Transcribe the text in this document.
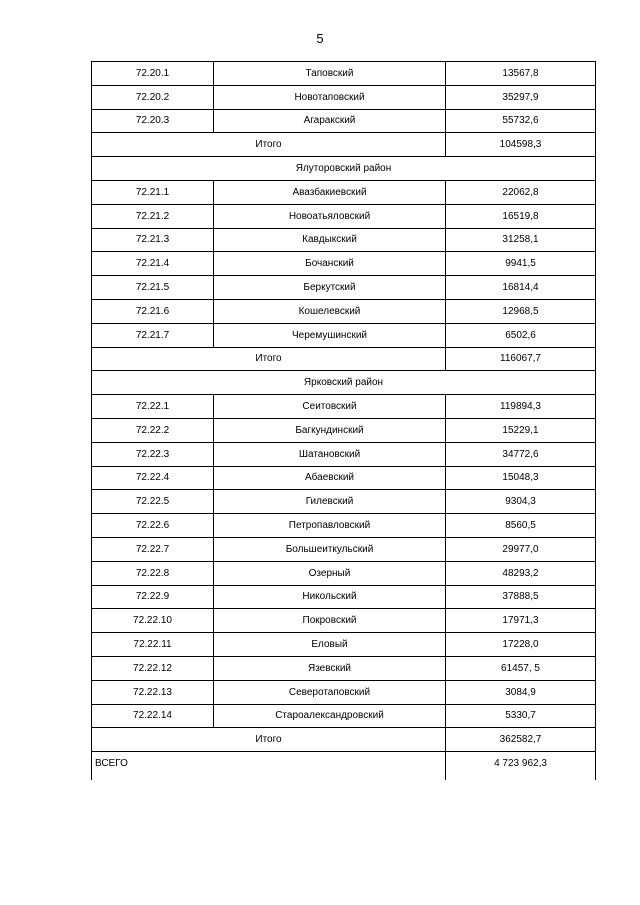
5
72.20.1	Таповский	13567,8
72.20.2	Новотаповский	35297,9
72.20.3	Агаракский	55732,6
Итого		104598,3
Ялуторовский район		
72.21.1	Авазбакиевский	22062,8
72.21.2	Новоатьяловский	16519,8
72.21.3	Кавдыкский	31258,1
72.21.4	Бочанский	9941,5
72.21.5	Беркутский	16814,4
72.21.6	Кошелевский	12968,5
72.21.7	Черемушинский	6502,6
Итого		116067,7
Ярковский район		
72.22.1	Сеитовский	119894,3
72.22.2	Багкундинский	15229,1
72.22.3	Шатановский	34772,6
72.22.4	Абаевский	15048,3
72.22.5	Гилевский	9304,3
72.22.6	Петропавловский	8560,5
72.22.7	Большеиткульский	29977,0
72.22.8	Озерный	48293,2
72.22.9	Никольский	37888,5
72.22.10	Покровский	17971,3
72.22.11	Еловый	17228,0
72.22.12	Язевский	61457, 5
72.22.13	Северотаповский	3084,9
72.22.14	Староалександровский	5330,7
Итого		362582,7
ВСЕГО		4 723 962,3
